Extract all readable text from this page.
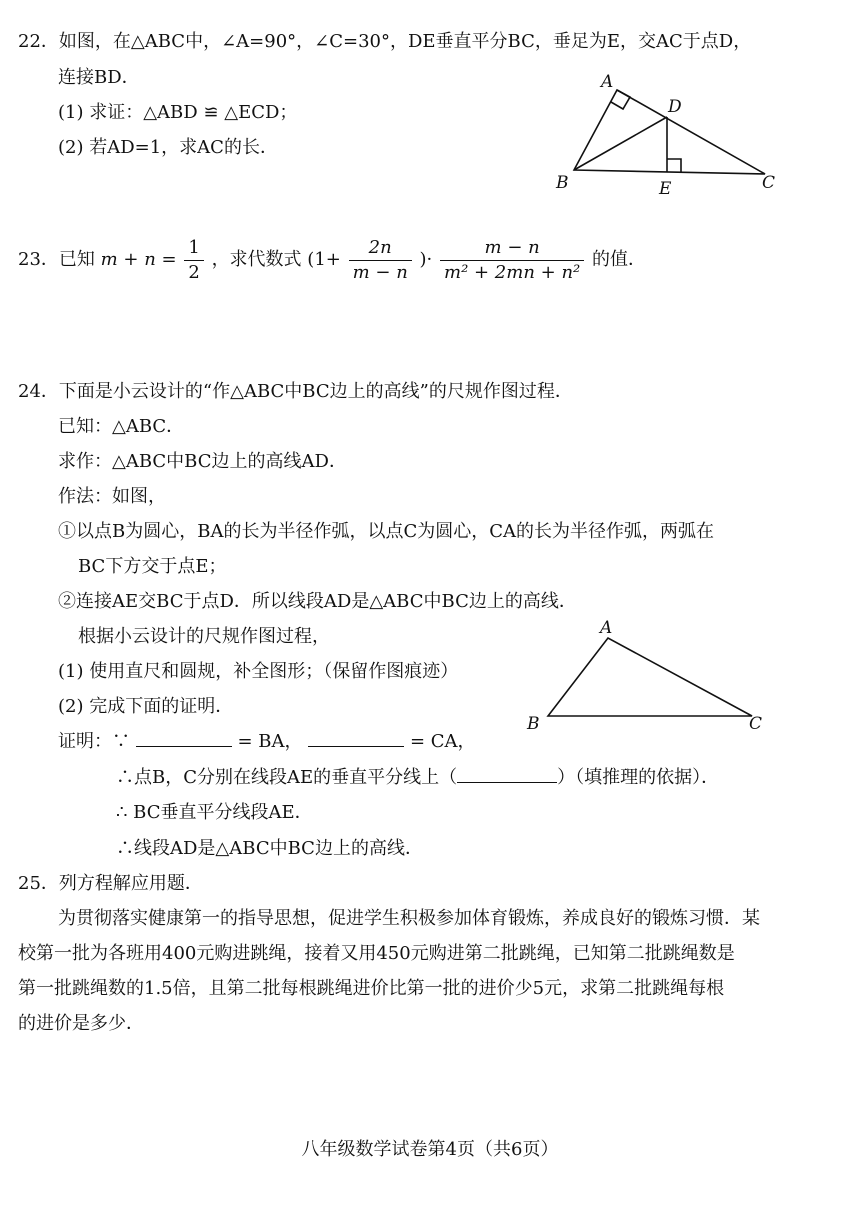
22．如图，在△ABC中，∠A=90°，∠C=30°，DE垂直平分BC，垂足为E，交AC于点D，
连接BD．
(1) 求证：△ABD ≌ △ECD；
(2) 若AD=1，求AC的长．
A
D
B	E	C
23．已知 $m + n = \frac{1}{2}$ ，求代数式 ($1+ \frac{2n}{m - n}$ )· $\frac{m - n}{\text{m² + 2mn + n²}}$ 的值．
24．下面是小云设计的“作△ABC中BC边上的高线”的尺规作图过程．
已知：△ABC．
求作：△ABC中BC边上的高线AD．
作法：如图，
①以点B为圆心，BA的长为半径作弧，以点C为圆心，CA的长为半径作弧，两弧在
BC下方交于点E；
②连接AE交BC于点D．所以线段AD是△ABC中BC边上的高线．
根据小云设计的尺规作图过程，
(1) 使用直尺和圆规，补全图形；（保留作图痕迹）
(2) 完成下面的证明．
A
B	C
证明：∵	= BA，	= CA，
∴点B，C分别在线段AE的垂直平分线上（	）（填推理的依据）．
∴ BC垂直平分线段AE．
∴线段AD是△ABC中BC边上的高线．
25．列方程解应用题．
为贯彻落实健康第一的指导思想，促进学生积极参加体育锻炼，养成良好的锻炼习惯．某
校第一批为各班用400元购进跳绳，接着又用450元购进第二批跳绳，已知第二批跳绳数是
第一批跳绳数的1.5倍，且第二批每根跳绳进价比第一批的进价少5元，求第二批跳绳每根
的进价是多少．
八年级数学试卷第4页（共6页）
